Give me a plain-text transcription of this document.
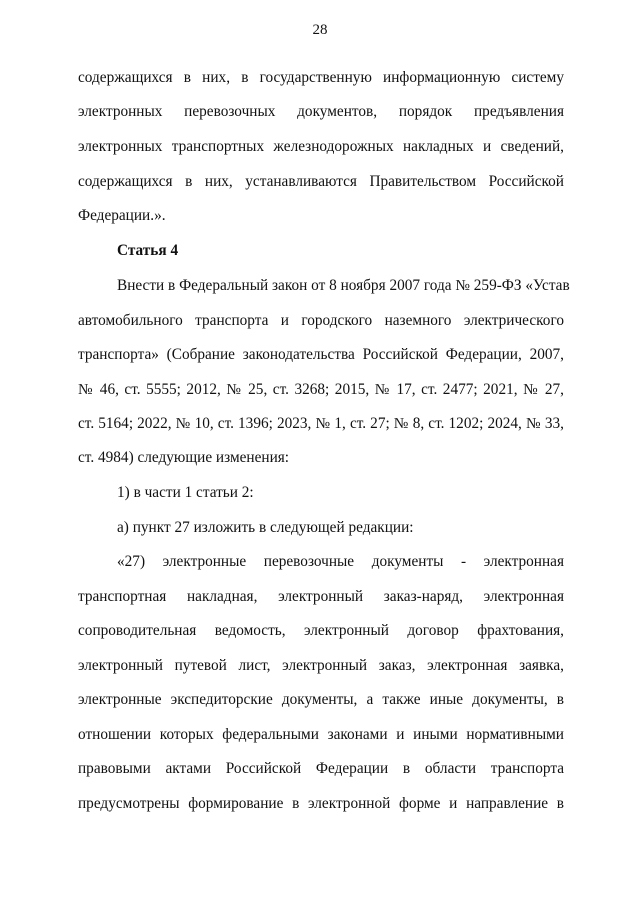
28
содержащихся в них, в государственную информационную систему
электронных перевозочных документов, порядок предъявления
электронных транспортных железнодорожных накладных и сведений,
содержащихся в них, устанавливаются Правительством Российской
Федерации.».
Статья 4
Внести в Федеральный закон от 8 ноября 2007 года № 259-ФЗ «Устав
автомобильного транспорта и городского наземного электрического
транспорта» (Собрание законодательства Российской Федерации, 2007,
№ 46, ст. 5555; 2012, № 25, ст. 3268; 2015, № 17, ст. 2477; 2021, № 27,
ст. 5164; 2022, № 10, ст. 1396; 2023, № 1, ст. 27; № 8, ст. 1202; 2024, № 33,
ст. 4984) следующие изменения:
1) в части 1 статьи 2:
а) пункт 27 изложить в следующей редакции:
«27) электронные перевозочные документы - электронная
транспортная накладная, электронный заказ-наряд, электронная
сопроводительная ведомость, электронный договор фрахтования,
электронный путевой лист, электронный заказ, электронная заявка,
электронные экспедиторские документы, а также иные документы, в
отношении которых федеральными законами и иными нормативными
правовыми актами Российской Федерации в области транспорта
предусмотрены формирование в электронной форме и направление в
